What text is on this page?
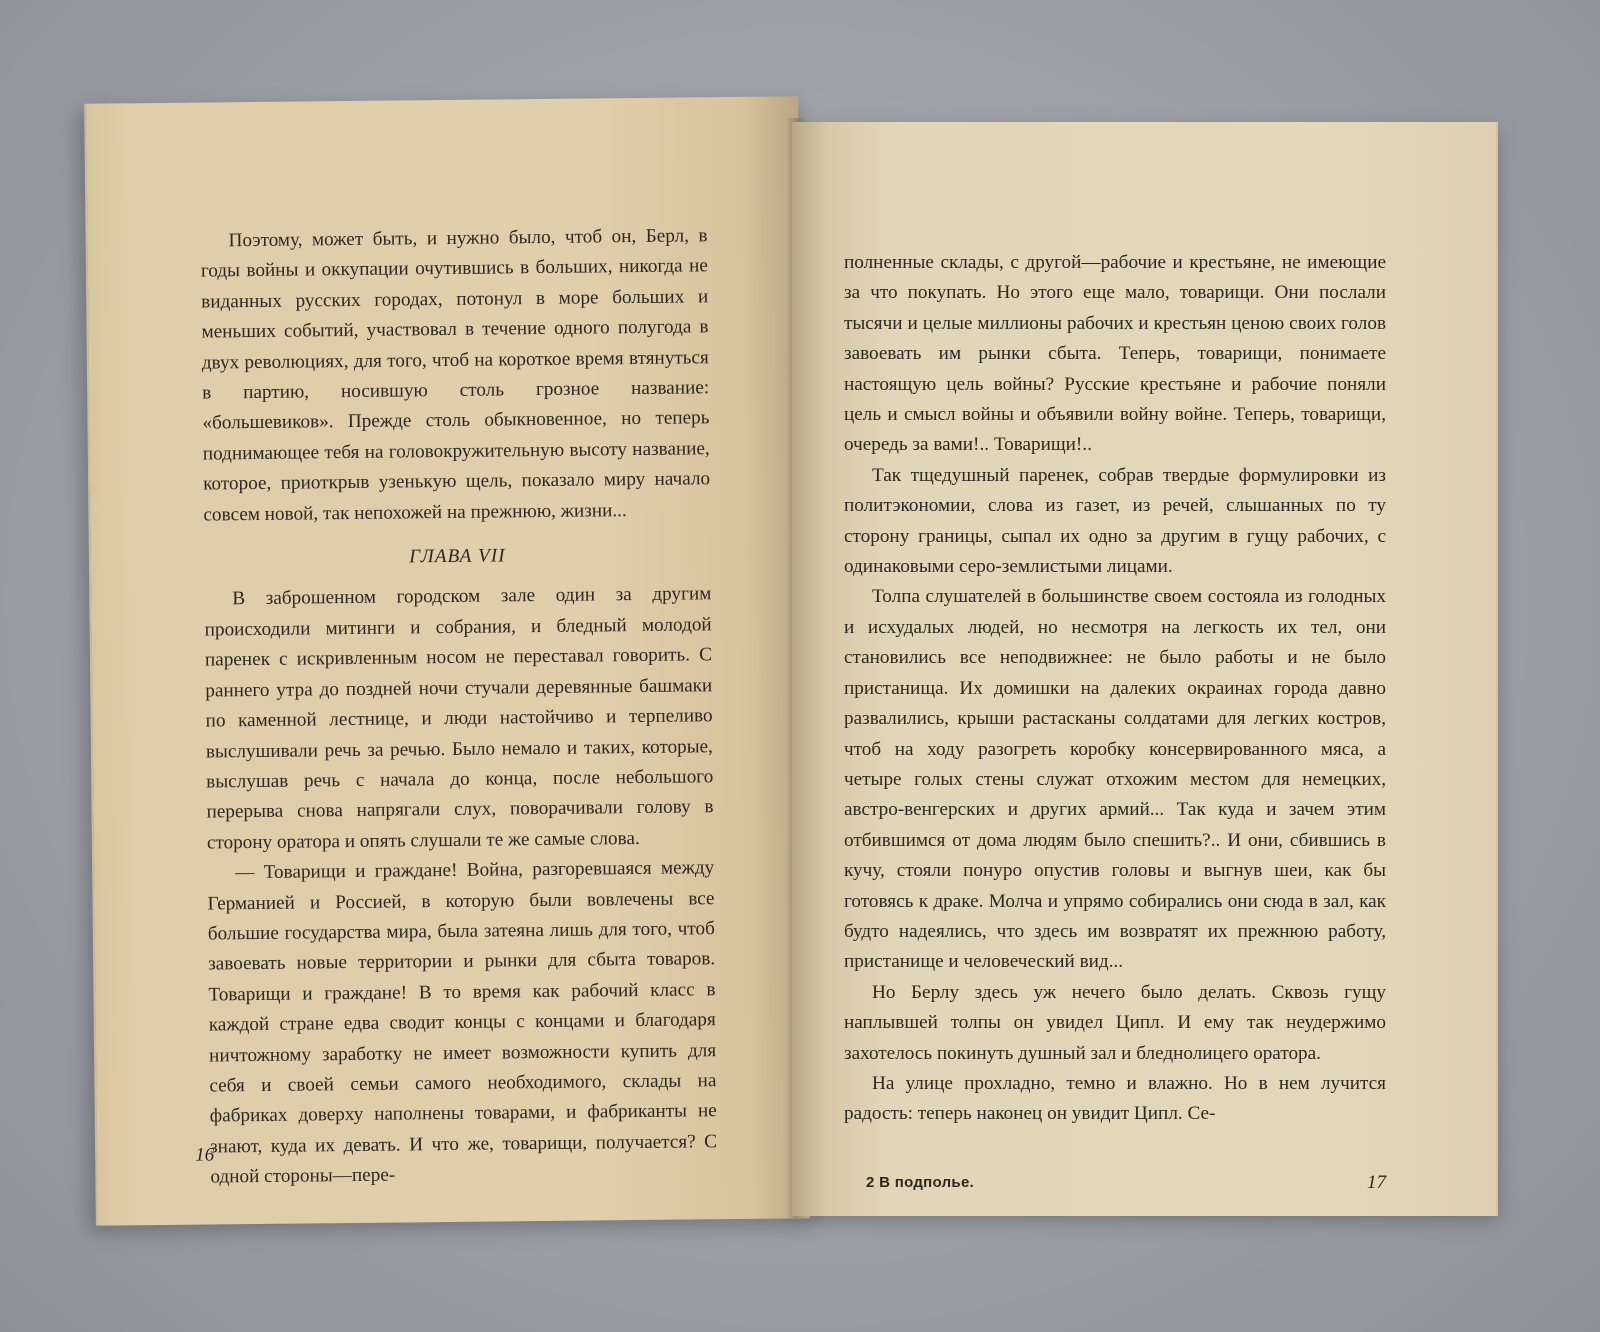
Поэтому, может быть, и нужно было, чтоб он, Берл, в годы войны и оккупации очутившись в больших, никогда не виданных русских городах, потонул в море больших и меньших событий, участвовал в течение одного полугода в двух революциях, для того, чтоб на короткое время втянуться в партию, носившую столь грозное название: «большевиков». Прежде столь обыкновенное, но теперь поднимающее тебя на головокружительную высоту название, которое, приоткрыв узенькую щель, показало миру начало совсем новой, так непохожей на прежнюю, жизни...

ГЛАВА VII

В заброшенном городском зале один за другим происходили митинги и собрания, и бледный молодой паренек с искривленным носом не переставал говорить. С раннего утра до поздней ночи стучали деревянные башмаки по каменной лестнице, и люди настойчиво и терпеливо выслушивали речь за речью. Было немало и таких, которые, выслушав речь с начала до конца, после небольшого перерыва снова напрягали слух, поворачивали голову в сторону оратора и опять слушали те же самые слова.

— Товарищи и граждане! Война, разгоревшаяся между Германией и Россией, в которую были вовлечены все большие государства мира, была затеяна лишь для того, чтоб завоевать новые территории и рынки для сбыта товаров. Товарищи и граждане! В то время как рабочий класс в каждой стране едва сводит концы с концами и благодаря ничтожному заработку не имеет возможности купить для себя и своей семьи самого необходимого, склады на фабриках доверху наполнены товарами, и фабриканты не знают, куда их девать. И что же, товарищи, получается? С одной стороны—пере-

16

полненные склады, с другой—рабочие и крестьяне, не имеющие за что покупать. Но этого еще мало, товарищи. Они послали тысячи и целые миллионы рабочих и крестьян ценою своих голов завоевать им рынки сбыта. Теперь, товарищи, понимаете настоящую цель войны? Русские крестьяне и рабочие поняли цель и смысл войны и объявили войну войне. Теперь, товарищи, очередь за вами!.. Товарищи!..

Так тщедушный паренек, собрав твердые формулировки из политэкономии, слова из газет, из речей, слышанных по ту сторону границы, сыпал их одно за другим в гущу рабочих, с одинаковыми серо-землистыми лицами.

Толпа слушателей в большинстве своем состояла из голодных и исхудалых людей, но несмотря на легкость их тел, они становились все неподвижнее: не было работы и не было пристанища. Их домишки на далеких окраинах города давно развалились, крыши растасканы солдатами для легких костров, чтоб на ходу разогреть коробку консервированного мяса, а четыре голых стены служат отхожим местом для немецких, австро-венгерских и других армий... Так куда и зачем этим отбившимся от дома людям было спешить?.. И они, сбившись в кучу, стояли понуро опустив головы и выгнув шеи, как бы готовясь к драке. Молча и упрямо собирались они сюда в зал, как будто надеялись, что здесь им возвратят их прежнюю работу, пристанище и человеческий вид...

Но Берлу здесь уж нечего было делать. Сквозь гущу наплывшей толпы он увидел Ципл. И ему так неудержимо захотелось покинуть душный зал и бледнолицего оратора.

На улице прохладно, темно и влажно. Но в нем лучится радость: теперь наконец он увидит Ципл. Се-

2 В подполье.	17
